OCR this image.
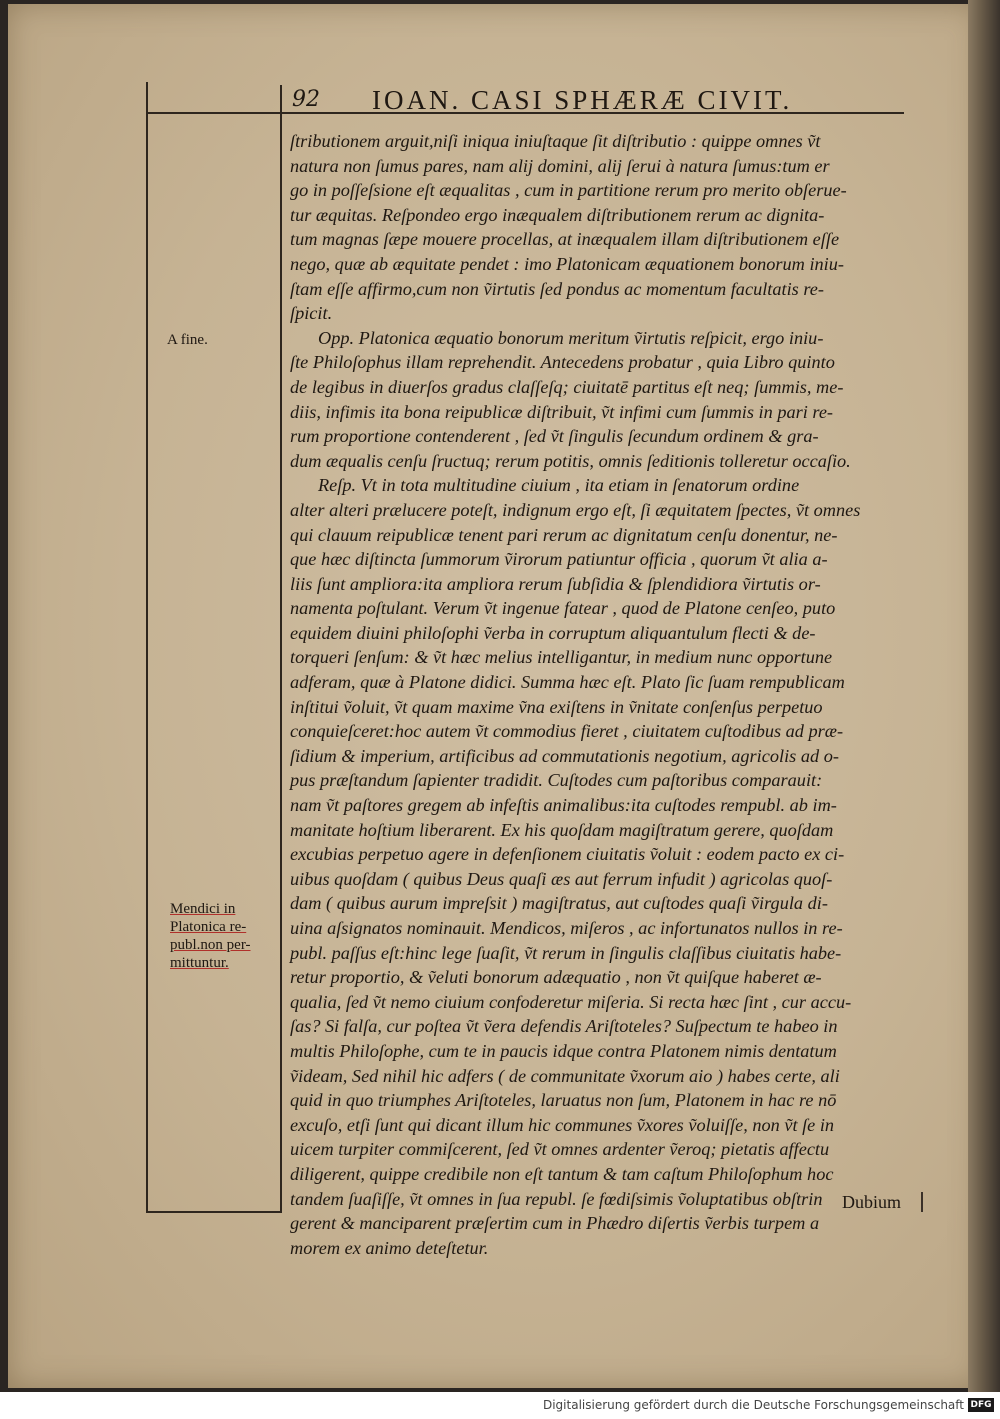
92 IOAN. CASI SPHÆRÆ CIVIT.
ſtributionem arguit,niſi iniqua iniuſtaque ſit diſtributio : quippe omnes ṽt
natura non ſumus pares, nam alij domini, alij ſerui à natura ſumus:tum er
go in poſſeſsione eſt æqualitas , cum in partitione rerum pro merito obſerue-
tur æquitas. Reſpondeo ergo inæqualem diſtributionem rerum ac dignita-
tum magnas ſæpe mouere procellas, at inæqualem illam diſtributionem eſſe
nego, quæ ab æquitate pendet : imo Platonicam æquationem bonorum iniu-
ſtam eſſe affirmo,cum non ṽirtutis ſed pondus ac momentum facultatis re-
ſpicit.
Opp. Platonica æquatio bonorum meritum ṽirtutis reſpicit, ergo iniu-
ſte Philoſophus illam reprehendit. Antecedens probatur , quia Libro quinto
de legibus in diuerſos gradus claſſeſq; ciuitatē partitus eſt neq; ſummis, me-
diis, infimis ita bona reipublicæ diſtribuit, ṽt infimi cum ſummis in pari re-
rum proportione contenderent , ſed ṽt ſingulis ſecundum ordinem & gra-
dum æqualis cenſu ſructuq; rerum potitis, omnis ſeditionis tolleretur occaſio.
Reſp. Vt in tota multitudine ciuium , ita etiam in ſenatorum ordine
alter alteri prælucere poteſt, indignum ergo eſt, ſi æquitatem ſpectes, ṽt omnes
qui clauum reipublicæ tenent pari rerum ac dignitatum cenſu donentur, ne-
que hæc diſtincta ſummorum ṽirorum patiuntur officia , quorum ṽt alia a-
liis ſunt ampliora:ita ampliora rerum ſubſidia & ſplendidiora ṽirtutis or-
namenta poſtulant. Verum ṽt ingenue fatear , quod de Platone cenſeo, puto
equidem diuini philoſophi ṽerba in corruptum aliquantulum flecti & de-
torqueri ſenſum: & ṽt hæc melius intelligantur, in medium nunc opportune
adferam, quæ à Platone didici. Summa hæc eſt. Plato ſic ſuam rempublicam
inſtitui ṽoluit, ṽt quam maxime ṽna exiſtens in ṽnitate conſenſus perpetuo
conquieſceret:hoc autem ṽt commodius fieret , ciuitatem cuſtodibus ad præ-
ſidium & imperium, artificibus ad commutationis negotium, agricolis ad o-
pus præſtandum ſapienter tradidit. Cuſtodes cum paſtoribus comparauit:
nam ṽt paſtores gregem ab infeſtis animalibus:ita cuſtodes rempubl. ab im-
manitate hoſtium liberarent. Ex his quoſdam magiſtratum gerere, quoſdam
excubias perpetuo agere in defenſionem ciuitatis ṽoluit : eodem pacto ex ci-
uibus quoſdam ( quibus Deus quaſi æs aut ferrum infudit ) agricolas quoſ-
dam ( quibus aurum impreſsit ) magiſtratus, aut cuſtodes quaſi ṽirgula di-
uina aſsignatos nominauit. Mendicos, miſeros , ac infortunatos nullos in re-
publ. paſſus eſt:hinc lege ſuaſit, ṽt rerum in ſingulis claſſibus ciuitatis habe-
retur proportio, & ṽeluti bonorum adæquatio , non ṽt quiſque haberet æ-
qualia, ſed ṽt nemo ciuium confoderetur miſeria. Si recta hæc ſint , cur accu-
ſas? Si falſa, cur poſtea ṽt ṽera defendis Ariſtoteles? Suſpectum te habeo in
multis Philoſophe, cum te in paucis idque contra Platonem nimis dentatum
ṽideam, Sed nihil hic adfers ( de communitate ṽxorum aio ) habes certe, ali
quid in quo triumphes Ariſtoteles, laruatus non ſum, Platonem in hac re nō
excuſo, etſi ſunt qui dicant illum hic communes ṽxores ṽoluiſſe, non ṽt ſe in
uicem turpiter commiſcerent, ſed ṽt omnes ardenter ṽeroq; pietatis affectu
diligerent, quippe credibile non eſt tantum & tam caſtum Philoſophum hoc
tandem ſuaſiſſe, ṽt omnes in ſua republ. ſe fœdiſsimis ṽoluptatibus obſtrin
gerent & manciparent præſertim cum in Phædro diſertis ṽerbis turpem a
morem ex animo deteſtetur.
A fine.
Mendici in
Platonica re-
publ.non per-
mittuntur.
Dubium
Digitalisierung gefördert durch die Deutsche Forschungsgemeinschaft DFG
